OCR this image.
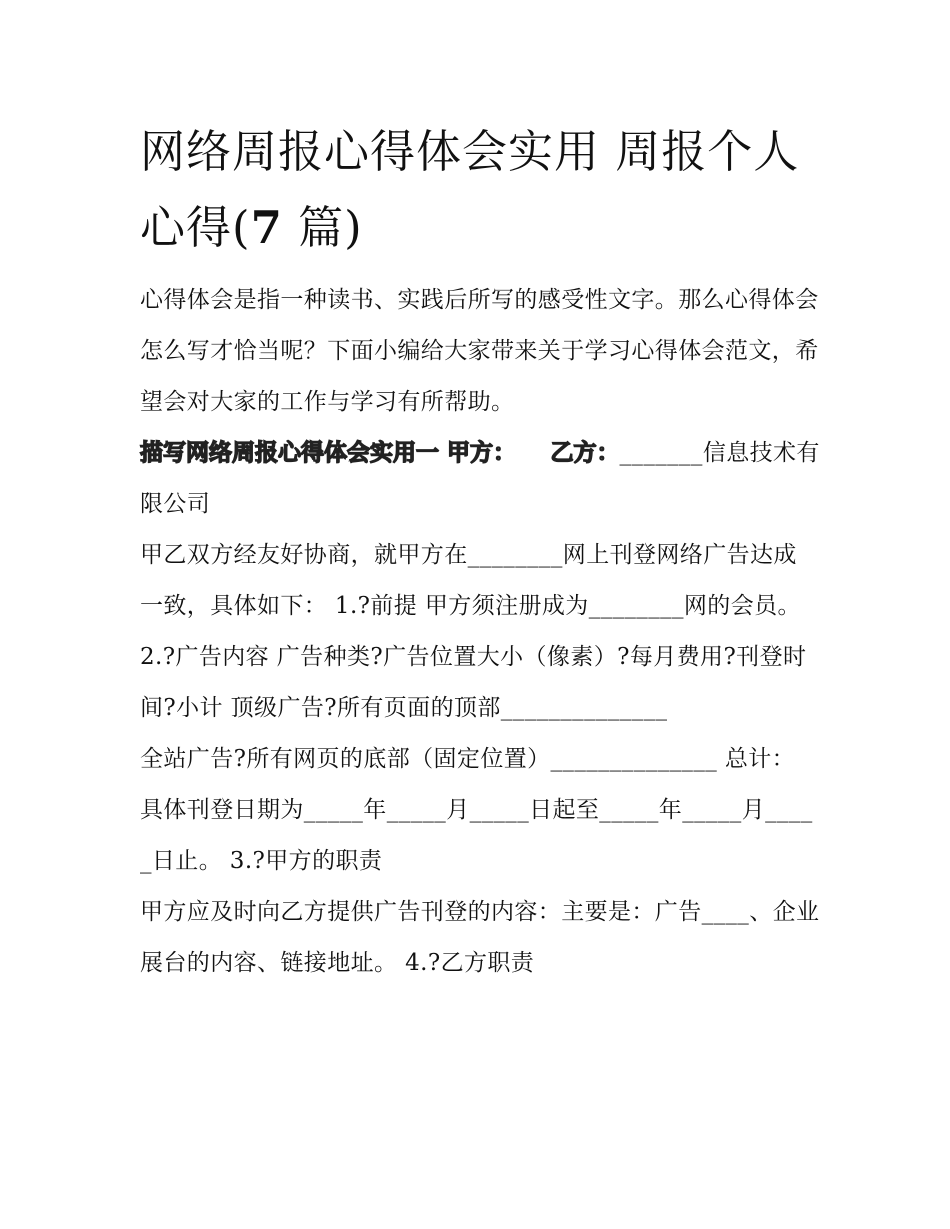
网络周报心得体会实用 周报个人心得(7 篇)

心得体会是指一种读书、实践后所写的感受性文字。那么心得体会怎么写才恰当呢？下面小编给大家带来关于学习心得体会范文，希望会对大家的工作与学习有所帮助。

描写网络周报心得体会实用一 甲方：　　乙方：_______信息技术有限公司

甲乙双方经友好协商，就甲方在________网上刊登网络广告达成一致，具体如下： 1.?前提 甲方须注册成为________网的会员。

2.?广告内容 广告种类?广告位置大小（像素）?每月费用?刊登时间?小计 顶级广告?所有页面的顶部______________

全站广告?所有网页的底部（固定位置）______________ 总计：

具体刊登日期为_____年_____月_____日起至_____年_____月_____日止。 3.?甲方的职责

甲方应及时向乙方提供广告刊登的内容：主要是：广告____、企业展台的内容、链接地址。 4.?乙方职责
